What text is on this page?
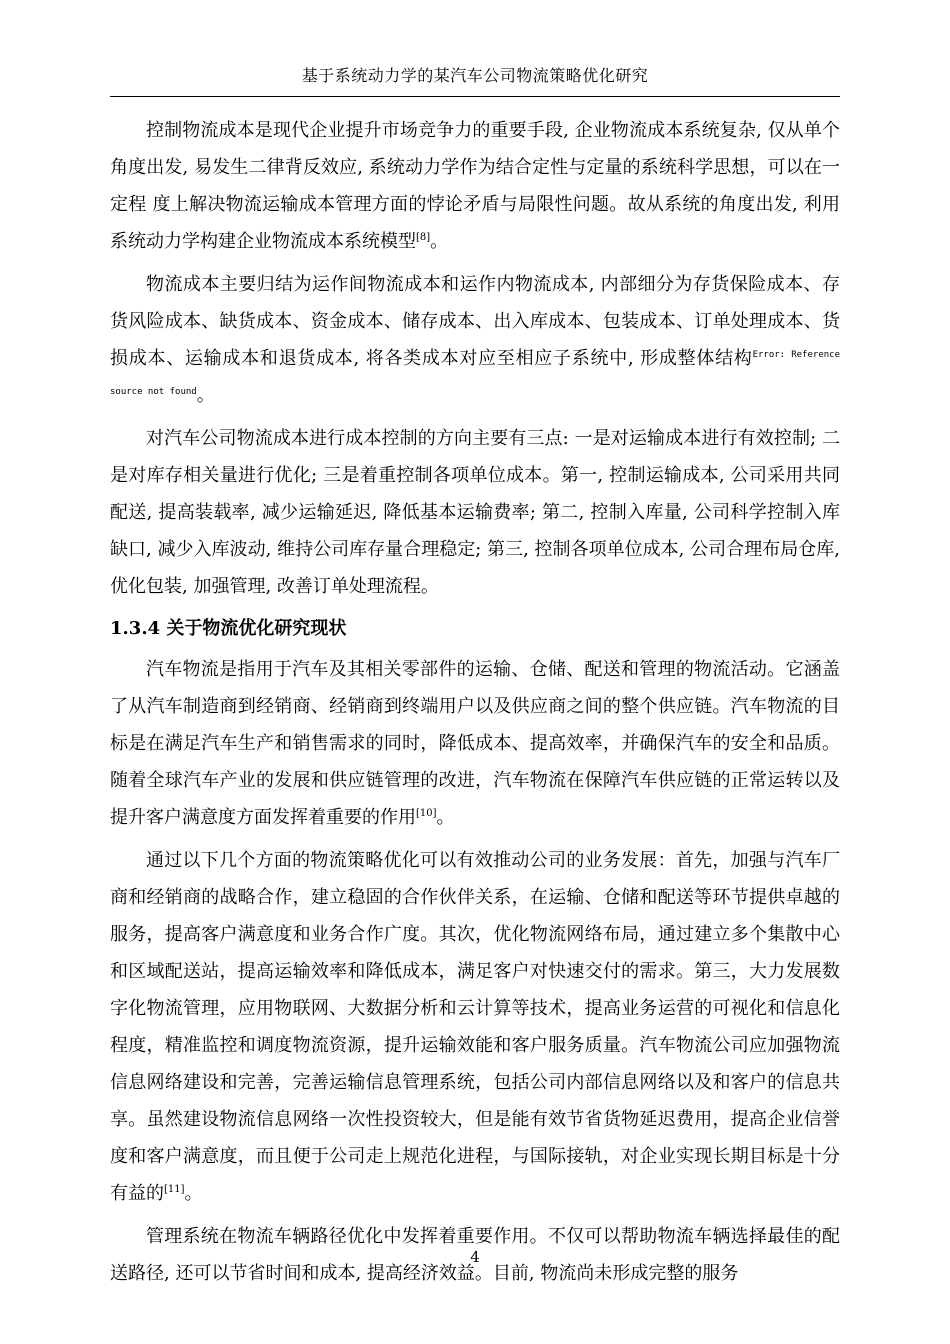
基于系统动力学的某汽车公司物流策略优化研究

控制物流成本是现代企业提升市场竞争力的重要手段, 企业物流成本系统复杂, 仅从单个角度出发, 易发生二律背反效应, 系统动力学作为结合定性与定量的系统科学思想，可以在一定程 度上解决物流运输成本管理方面的悖论矛盾与局限性问题。故从系统的角度出发, 利用系统动力学构建企业物流成本系统模型[8]。

物流成本主要归结为运作间物流成本和运作内物流成本, 内部细分为存货保险成本、存货风险成本、缺货成本、资金成本、储存成本、出入库成本、包装成本、订单处理成本、货损成本、运输成本和退货成本, 将各类成本对应至相应子系统中, 形成整体结构$^{Error: Reference source not found}$。

对汽车公司物流成本进行成本控制的方向主要有三点: 一是对运输成本进行有效控制; 二是对库存相关量进行优化; 三是着重控制各项单位成本。第一, 控制运输成本, 公司采用共同配送, 提高装载率, 减少运输延迟, 降低基本运输费率; 第二, 控制入库量, 公司科学控制入库缺口, 减少入库波动, 维持公司库存量合理稳定; 第三, 控制各项单位成本, 公司合理布局仓库, 优化包装, 加强管理, 改善订单处理流程。

1.3.4 关于物流优化研究现状

汽车物流是指用于汽车及其相关零部件的运输、仓储、配送和管理的物流活动。它涵盖了从汽车制造商到经销商、经销商到终端用户以及供应商之间的整个供应链。汽车物流的目标是在满足汽车生产和销售需求的同时，降低成本、提高效率，并确保汽车的安全和品质。随着全球汽车产业的发展和供应链管理的改进，汽车物流在保障汽车供应链的正常运转以及提升客户满意度方面发挥着重要的作用[10]。

通过以下几个方面的物流策略优化可以有效推动公司的业务发展：首先，加强与汽车厂商和经销商的战略合作，建立稳固的合作伙伴关系，在运输、仓储和配送等环节提供卓越的服务，提高客户满意度和业务合作广度。其次，优化物流网络布局，通过建立多个集散中心和区域配送站，提高运输效率和降低成本，满足客户对快速交付的需求。第三，大力发展数字化物流管理，应用物联网、大数据分析和云计算等技术，提高业务运营的可视化和信息化程度，精准监控和调度物流资源，提升运输效能和客户服务质量。汽车物流公司应加强物流信息网络建设和完善，完善运输信息管理系统，包括公司内部信息网络以及和客户的信息共享。虽然建设物流信息网络一次性投资较大，但是能有效节省货物延迟费用，提高企业信誉度和客户满意度，而且便于公司走上规范化进程，与国际接轨，对企业实现长期目标是十分有益的[11]。

管理系统在物流车辆路径优化中发挥着重要作用。不仅可以帮助物流车辆选择最佳的配送路径, 还可以节省时间和成本, 提高经济效益。目前, 物流尚未形成完整的服务

4
